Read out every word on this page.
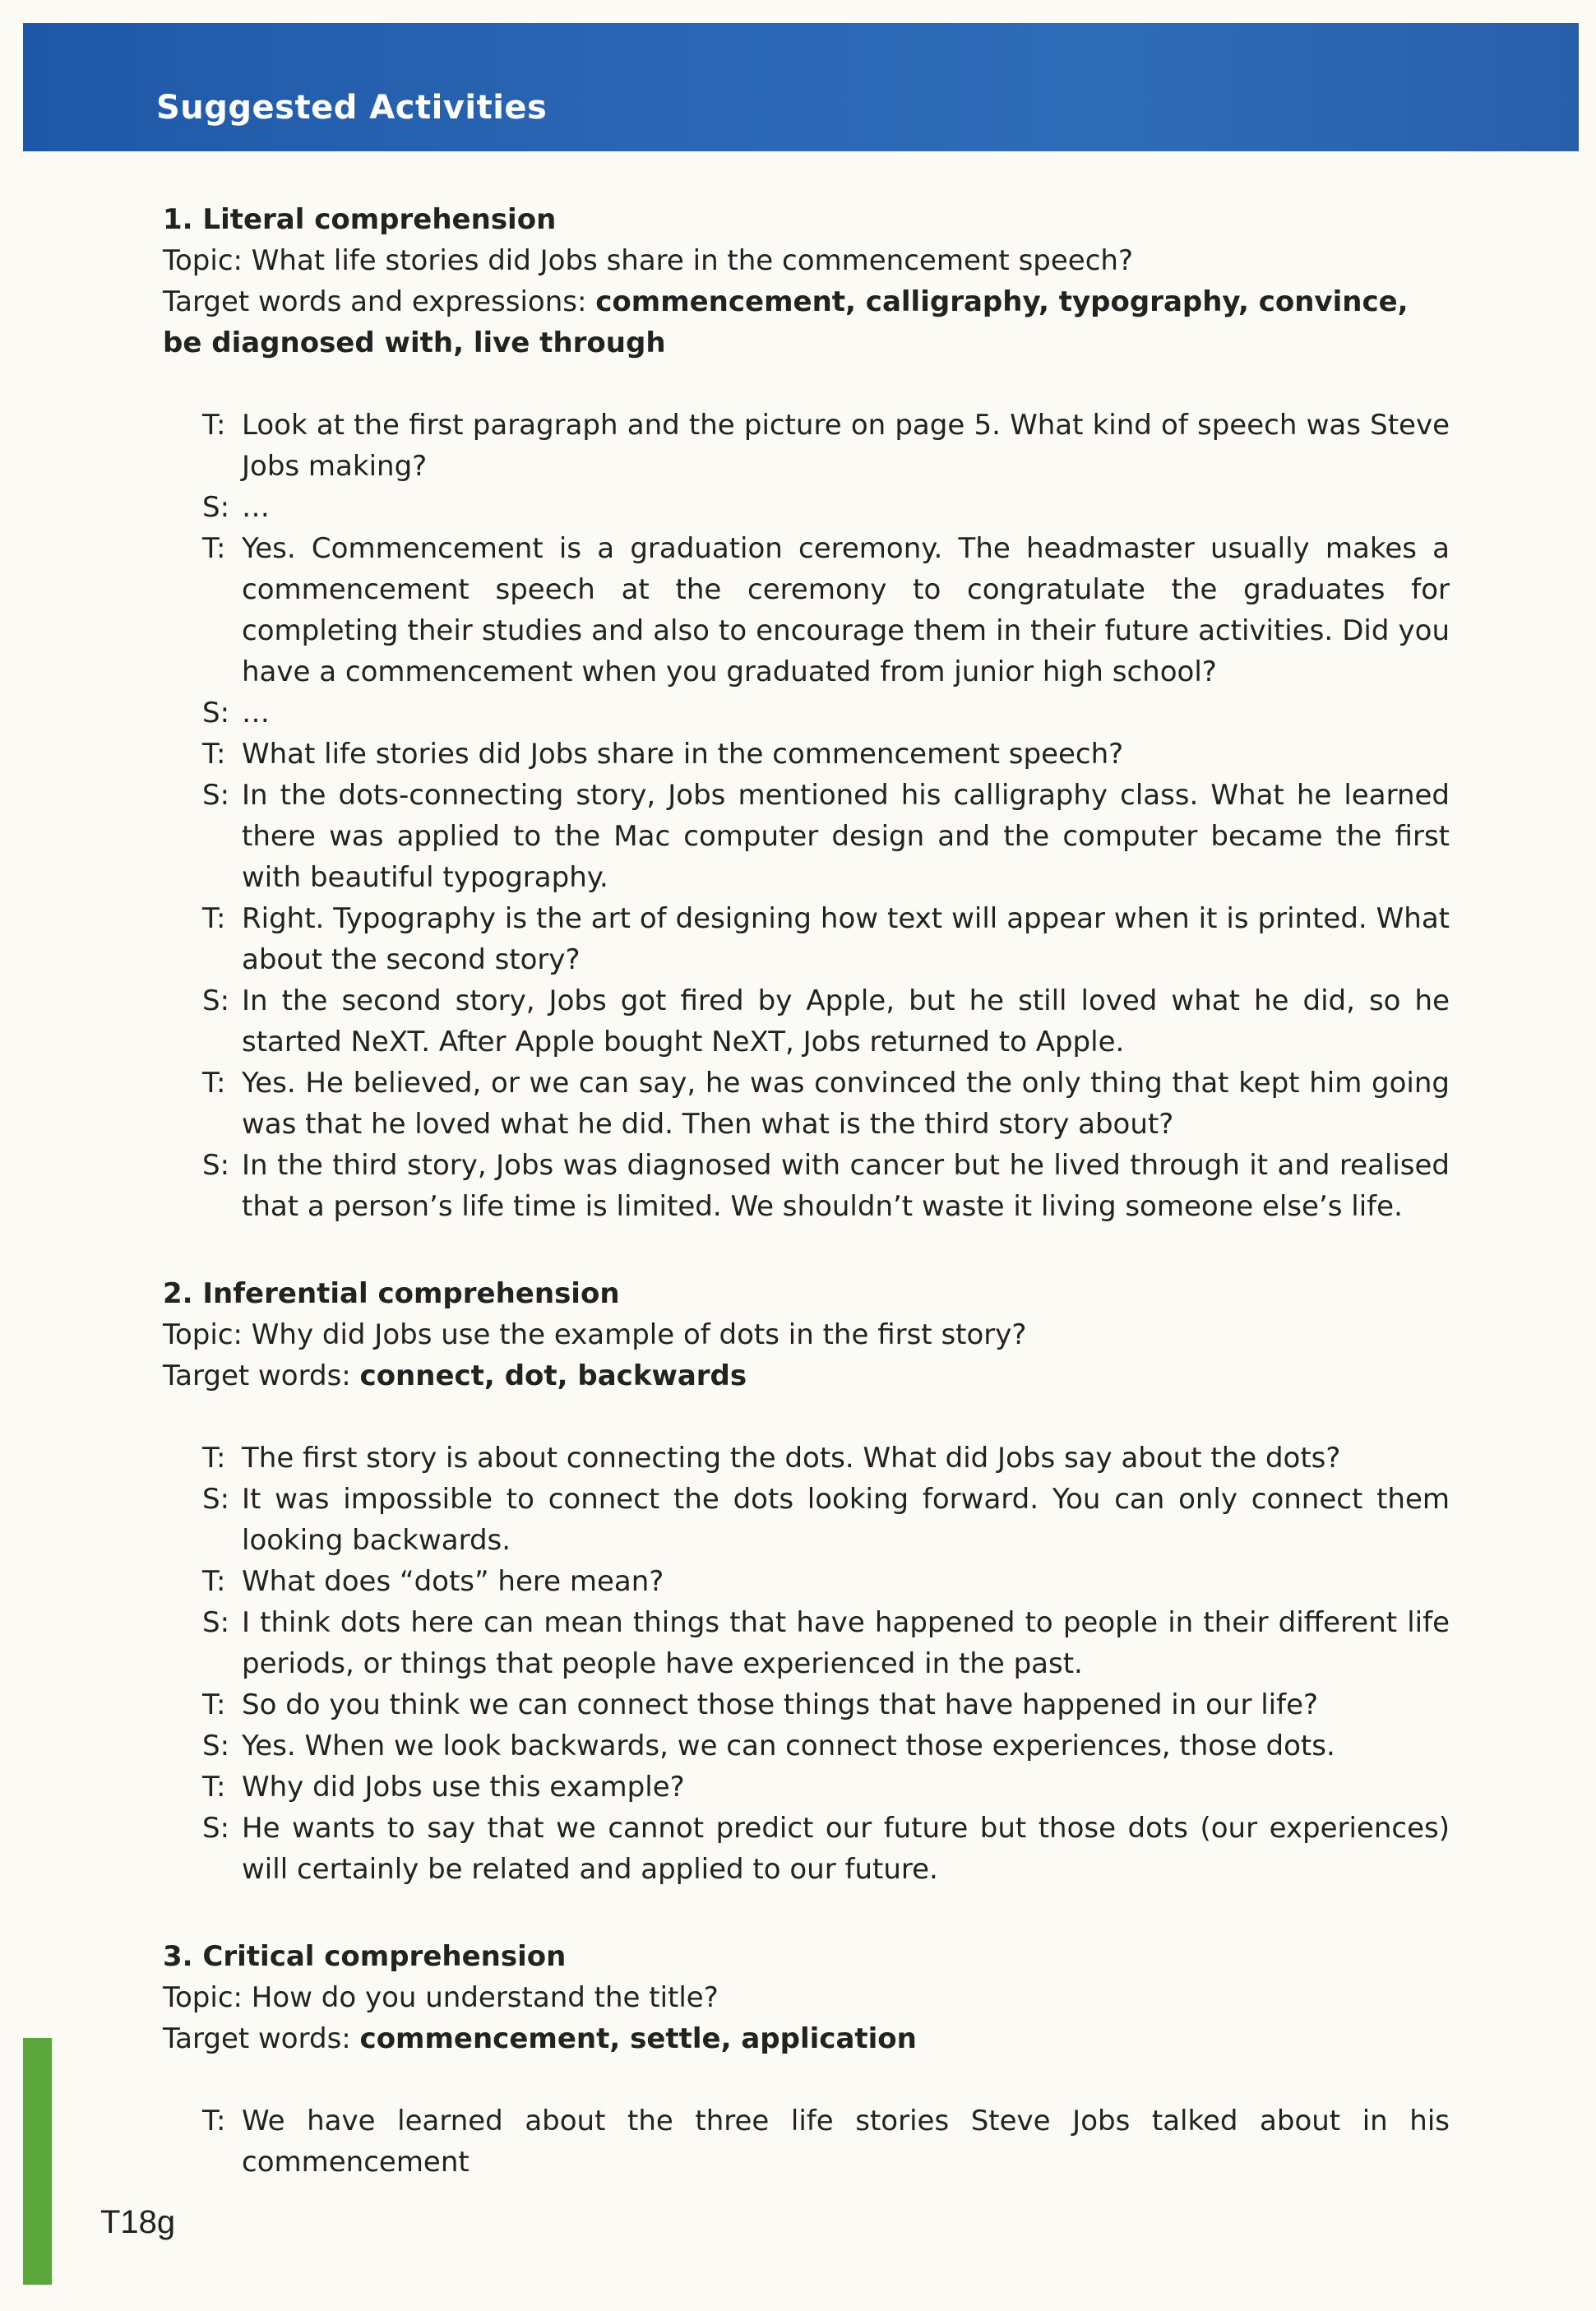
Suggested Activities
1. Literal comprehension
Topic: What life stories did Jobs share in the commencement speech?
Target words and expressions: commencement, calligraphy, typography, convince, be diagnosed with, live through
T: Look at the first paragraph and the picture on page 5. What kind of speech was Steve Jobs making?
S: …
T: Yes. Commencement is a graduation ceremony. The headmaster usually makes a commencement speech at the ceremony to congratulate the graduates for completing their studies and also to encourage them in their future activities. Did you have a commencement when you graduated from junior high school?
S: …
T: What life stories did Jobs share in the commencement speech?
S: In the dots-connecting story, Jobs mentioned his calligraphy class. What he learned there was applied to the Mac computer design and the computer became the first with beautiful typography.
T: Right. Typography is the art of designing how text will appear when it is printed. What about the second story?
S: In the second story, Jobs got fired by Apple, but he still loved what he did, so he started NeXT. After Apple bought NeXT, Jobs returned to Apple.
T: Yes. He believed, or we can say, he was convinced the only thing that kept him going was that he loved what he did. Then what is the third story about?
S: In the third story, Jobs was diagnosed with cancer but he lived through it and realised that a person’s life time is limited. We shouldn’t waste it living someone else’s life.
2. Inferential comprehension
Topic: Why did Jobs use the example of dots in the first story?
Target words: connect, dot, backwards
T: The first story is about connecting the dots. What did Jobs say about the dots?
S: It was impossible to connect the dots looking forward. You can only connect them looking backwards.
T: What does “dots” here mean?
S: I think dots here can mean things that have happened to people in their different life periods, or things that people have experienced in the past.
T: So do you think we can connect those things that have happened in our life?
S: Yes. When we look backwards, we can connect those experiences, those dots.
T: Why did Jobs use this example?
S: He wants to say that we cannot predict our future but those dots (our experiences) will certainly be related and applied to our future.
3. Critical comprehension
Topic: How do you understand the title?
Target words: commencement, settle, application
T: We have learned about the three life stories Steve Jobs talked about in his commencement
T18g
